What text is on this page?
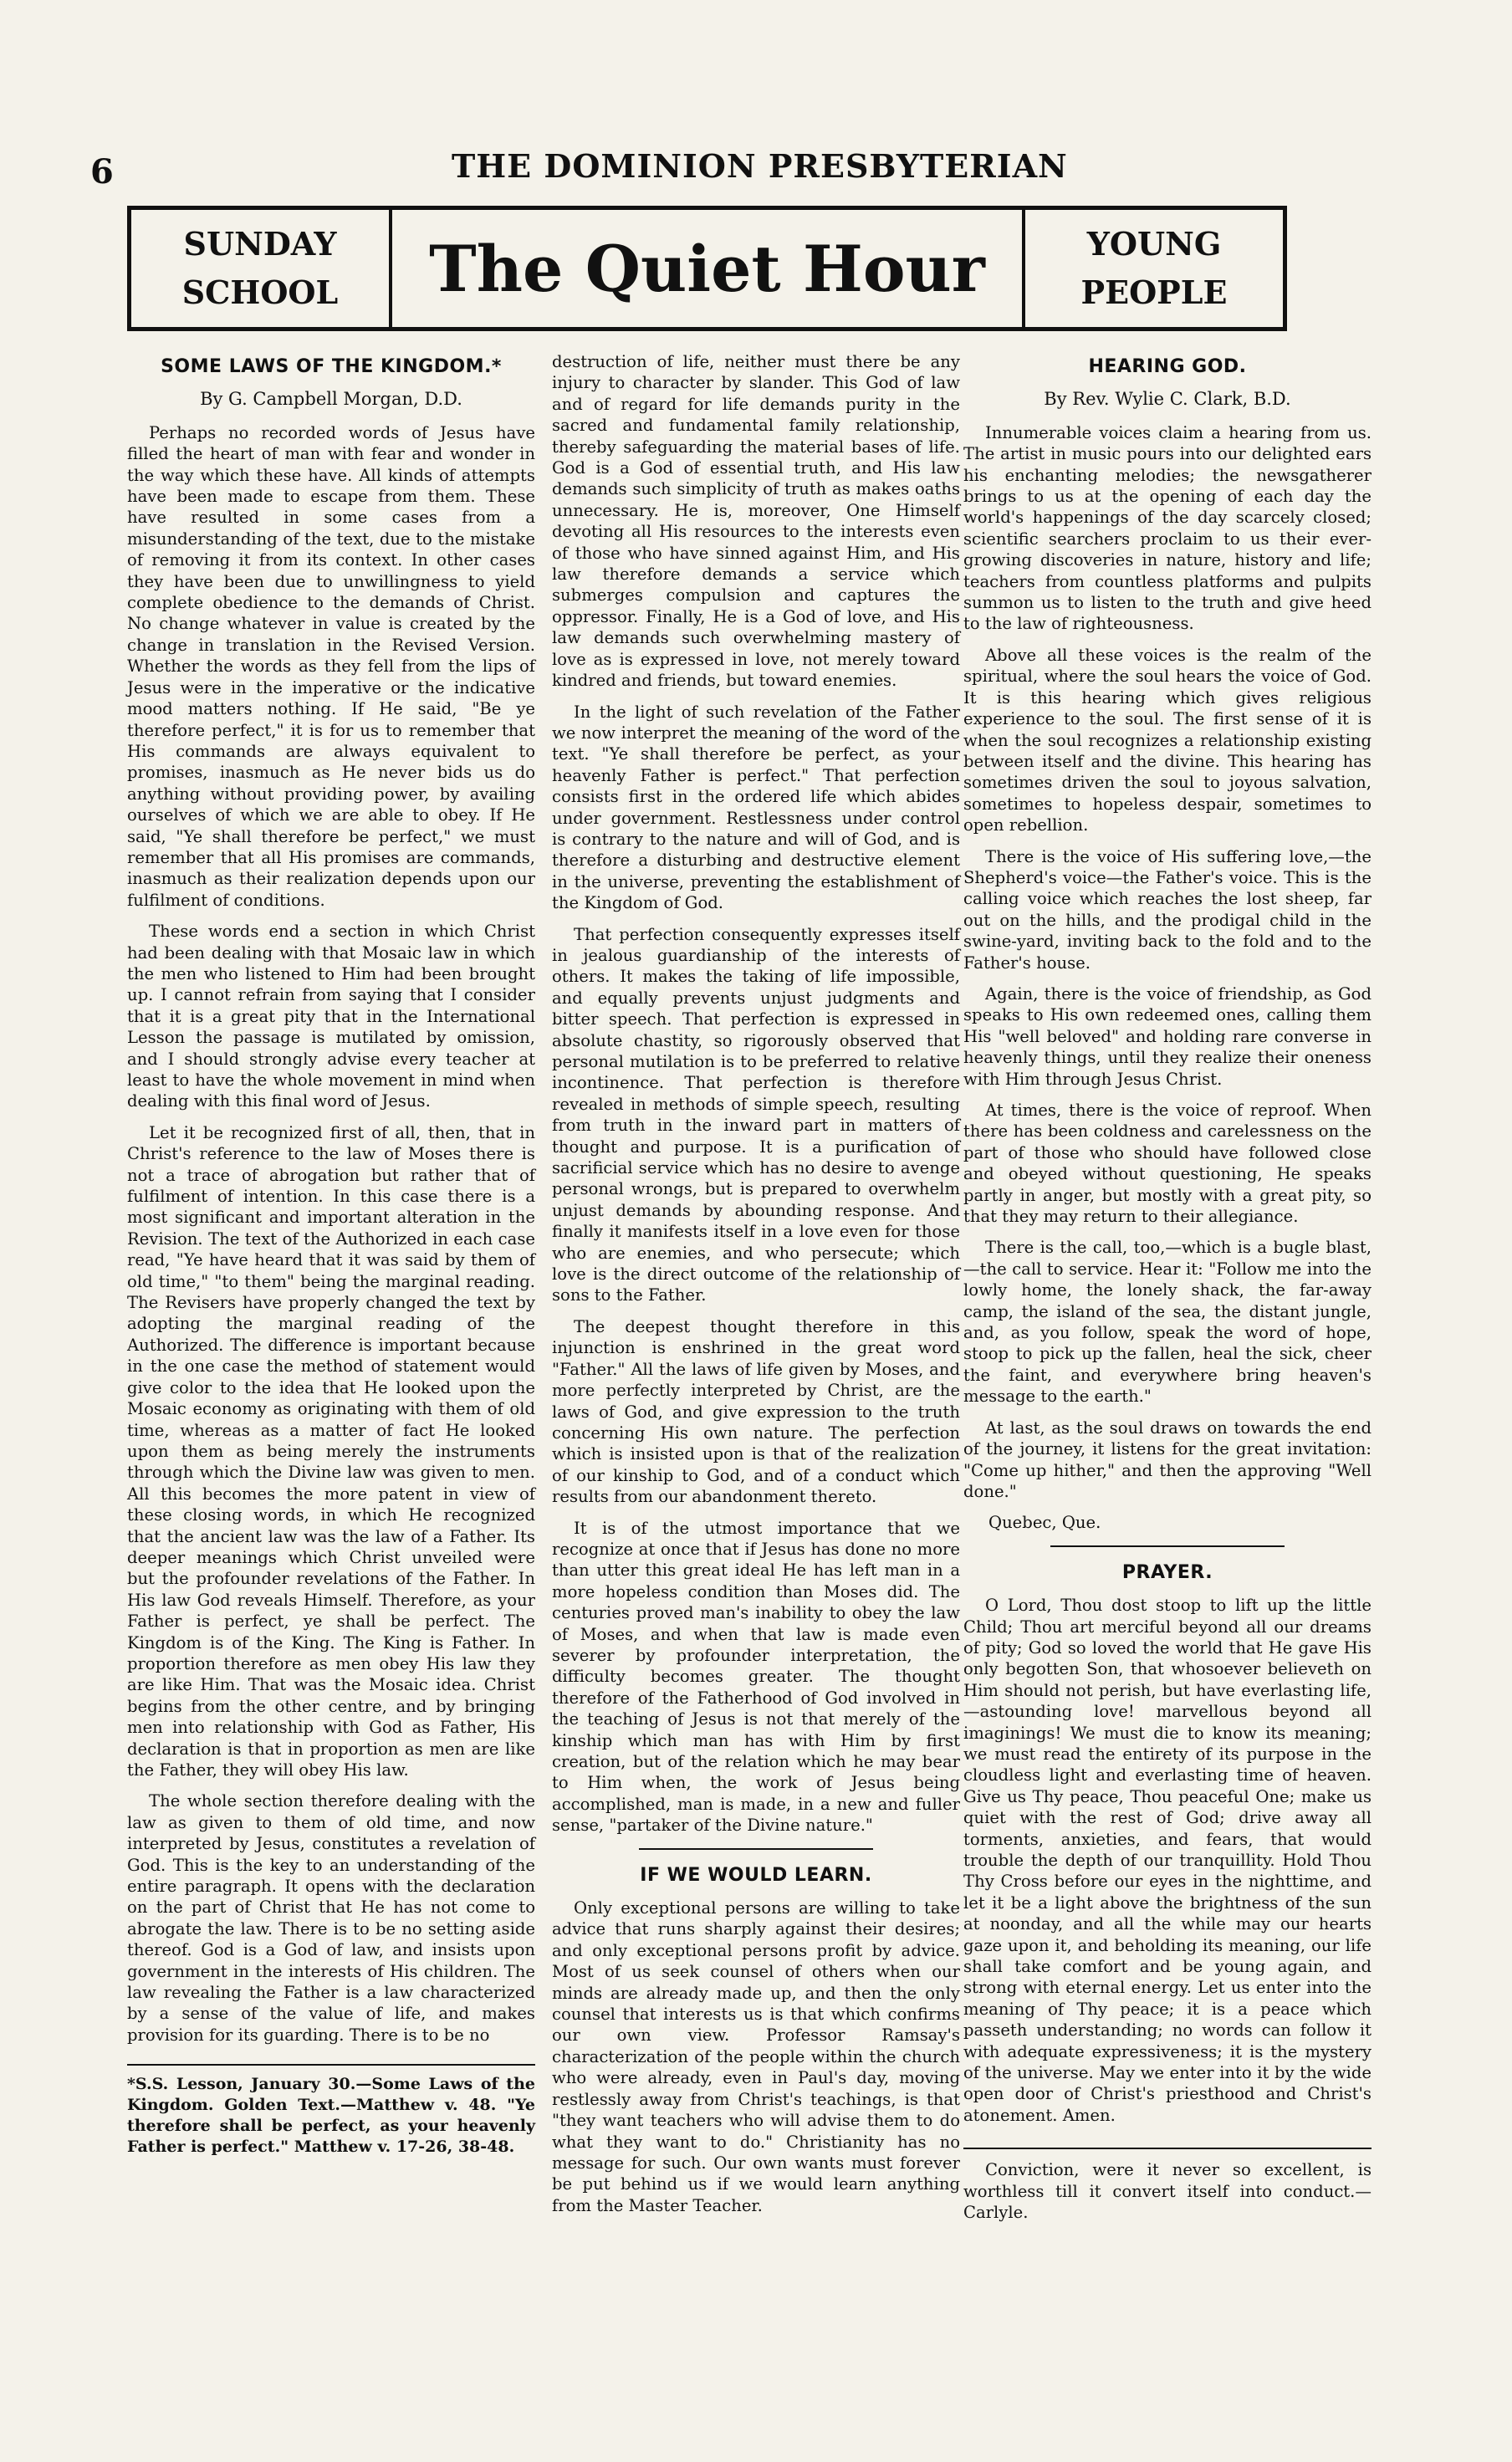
6	THE DOMINION PRESBYTERIAN
SUNDAY
SCHOOL	The Quiet Hour	YOUNG
PEOPLE
SOME LAWS OF THE KINGDOM.*
By G. Campbell Morgan, D.D.

Perhaps no recorded words of Jesus have filled the heart of man with fear and wonder in the way which these have. All kinds of attempts have been made to escape from them. These have resulted in some cases from a misunderstanding of the text, due to the mistake of removing it from its context. In other cases they have been due to unwillingness to yield complete obedience to the demands of Christ. No change whatever in value is created by the change in translation in the Revised Version. Whether the words as they fell from the lips of Jesus were in the imperative or the indicative mood matters nothing. If He said, "Be ye therefore perfect," it is for us to remember that His commands are always equivalent to promises, inasmuch as He never bids us do anything without providing power, by availing ourselves of which we are able to obey. If He said, "Ye shall therefore be perfect," we must remember that all His promises are commands, inasmuch as their realization depends upon our fulfilment of conditions.

These words end a section in which Christ had been dealing with that Mosaic law in which the men who listened to Him had been brought up. I cannot refrain from saying that I consider that it is a great pity that in the International Lesson the passage is mutilated by omission, and I should strongly advise every teacher at least to have the whole movement in mind when dealing with this final word of Jesus.

Let it be recognized first of all, then, that in Christ's reference to the law of Moses there is not a trace of abrogation but rather that of fulfilment of intention. In this case there is a most significant and important alteration in the Revision. The text of the Authorized in each case read, "Ye have heard that it was said by them of old time," "to them" being the marginal reading. The Revisers have properly changed the text by adopting the marginal reading of the Authorized. The difference is important because in the one case the method of statement would give color to the idea that He looked upon the Mosaic economy as originating with them of old time, whereas as a matter of fact He looked upon them as being merely the instruments through which the Divine law was given to men. All this becomes the more patent in view of these closing words, in which He recognized that the ancient law was the law of a Father. Its deeper meanings which Christ unveiled were but the profounder revelations of the Father. In His law God reveals Himself. Therefore, as your Father is perfect, ye shall be perfect. The Kingdom is of the King. The King is Father. In proportion therefore as men obey His law they are like Him. That was the Mosaic idea. Christ begins from the other centre, and by bringing men into relationship with God as Father, His declaration is that in proportion as men are like the Father, they will obey His law.

The whole section therefore dealing with the law as given to them of old time, and now interpreted by Jesus, constitutes a revelation of God. This is the key to an understanding of the entire paragraph. It opens with the declaration on the part of Christ that He has not come to abrogate the law. There is to be no setting aside thereof. God is a God of law, and insists upon government in the interests of His children. The law revealing the Father is a law characterized by a sense of the value of life, and makes provision for its guarding. There is to be no

*S.S. Lesson, January 30.—Some Laws of the Kingdom. Golden Text.—Matthew v. 48. "Ye therefore shall be perfect, as your heavenly Father is perfect." Matthew v. 17-26, 38-48.

destruction of life, neither must there be any injury to character by slander. This God of law and of regard for life demands purity in the sacred and fundamental family relationship, thereby safeguarding the material bases of life. God is a God of essential truth, and His law demands such simplicity of truth as makes oaths unnecessary. He is, moreover, One Himself devoting all His resources to the interests even of those who have sinned against Him, and His law therefore demands a service which submerges compulsion and captures the oppressor. Finally, He is a God of love, and His law demands such overwhelming mastery of love as is expressed in love, not merely toward kindred and friends, but toward enemies.

In the light of such revelation of the Father we now interpret the meaning of the word of the text. "Ye shall therefore be perfect, as your heavenly Father is perfect." That perfection consists first in the ordered life which abides under government. Restlessness under control is contrary to the nature and will of God, and is therefore a disturbing and destructive element in the universe, preventing the establishment of the Kingdom of God.

That perfection consequently expresses itself in jealous guardianship of the interests of others. It makes the taking of life impossible, and equally prevents unjust judgments and bitter speech. That perfection is expressed in absolute chastity, so rigorously observed that personal mutilation is to be preferred to relative incontinence. That perfection is therefore revealed in methods of simple speech, resulting from truth in the inward part in matters of thought and purpose. It is a purification of sacrificial service which has no desire to avenge personal wrongs, but is prepared to overwhelm unjust demands by abounding response. And finally it manifests itself in a love even for those who are enemies, and who persecute; which love is the direct outcome of the relationship of sons to the Father.

The deepest thought therefore in this injunction is enshrined in the great word "Father." All the laws of life given by Moses, and more perfectly interpreted by Christ, are the laws of God, and give expression to the truth concerning His own nature. The perfection which is insisted upon is that of the realization of our kinship to God, and of a conduct which results from our abandonment thereto.

It is of the utmost importance that we recognize at once that if Jesus has done no more than utter this great ideal He has left man in a more hopeless condition than Moses did. The centuries proved man's inability to obey the law of Moses, and when that law is made even severer by profounder interpretation, the difficulty becomes greater. The thought therefore of the Fatherhood of God involved in the teaching of Jesus is not that merely of the kinship which man has with Him by first creation, but of the relation which he may bear to Him when, the work of Jesus being accomplished, man is made, in a new and fuller sense, "partaker of the Divine nature."

IF WE WOULD LEARN.

Only exceptional persons are willing to take advice that runs sharply against their desires; and only exceptional persons profit by advice. Most of us seek counsel of others when our minds are already made up, and then the only counsel that interests us is that which confirms our own view. Professor Ramsay's characterization of the people within the church who were already, even in Paul's day, moving restlessly away from Christ's teachings, is that "they want teachers who will advise them to do what they want to do." Christianity has no message for such. Our own wants must forever be put behind us if we would learn anything from the Master Teacher.

HEARING GOD.
By Rev. Wylie C. Clark, B.D.

Innumerable voices claim a hearing from us. The artist in music pours into our delighted ears his enchanting melodies; the newsgatherer brings to us at the opening of each day the world's happenings of the day scarcely closed; scientific searchers proclaim to us their ever-growing discoveries in nature, history and life; teachers from countless platforms and pulpits summon us to listen to the truth and give heed to the law of righteousness.

Above all these voices is the realm of the spiritual, where the soul hears the voice of God. It is this hearing which gives religious experience to the soul. The first sense of it is when the soul recognizes a relationship existing between itself and the divine. This hearing has sometimes driven the soul to joyous salvation, sometimes to hopeless despair, sometimes to open rebellion.

There is the voice of His suffering love,—the Shepherd's voice—the Father's voice. This is the calling voice which reaches the lost sheep, far out on the hills, and the prodigal child in the swine-yard, inviting back to the fold and to the Father's house.

Again, there is the voice of friendship, as God speaks to His own redeemed ones, calling them His "well beloved" and holding rare converse in heavenly things, until they realize their oneness with Him through Jesus Christ.

At times, there is the voice of reproof. When there has been coldness and carelessness on the part of those who should have followed close and obeyed without questioning, He speaks partly in anger, but mostly with a great pity, so that they may return to their allegiance.

There is the call, too,—which is a bugle blast,—the call to service. Hear it: "Follow me into the lowly home, the lonely shack, the far-away camp, the island of the sea, the distant jungle, and, as you follow, speak the word of hope, stoop to pick up the fallen, heal the sick, cheer the faint, and everywhere bring heaven's message to the earth."

At last, as the soul draws on towards the end of the journey, it listens for the great invitation: "Come up hither," and then the approving "Well done."

Quebec, Que.
PRAYER.

O Lord, Thou dost stoop to lift up the little Child; Thou art merciful beyond all our dreams of pity; God so loved the world that He gave His only begotten Son, that whosoever believeth on Him should not perish, but have everlasting life,—astounding love! marvellous beyond all imaginings! We must die to know its meaning; we must read the entirety of its purpose in the cloudless light and everlasting time of heaven. Give us Thy peace, Thou peaceful One; make us quiet with the rest of God; drive away all torments, anxieties, and fears, that would trouble the depth of our tranquillity. Hold Thou Thy Cross before our eyes in the nighttime, and let it be a light above the brightness of the sun at noonday, and all the while may our hearts gaze upon it, and beholding its meaning, our life shall take comfort and be young again, and strong with eternal energy. Let us enter into the meaning of Thy peace; it is a peace which passeth understanding; no words can follow it with adequate expressiveness; it is the mystery of the universe. May we enter into it by the wide open door of Christ's priesthood and Christ's atonement. Amen.

Conviction, were it never so excellent, is worthless till it convert itself into conduct.—Carlyle.
